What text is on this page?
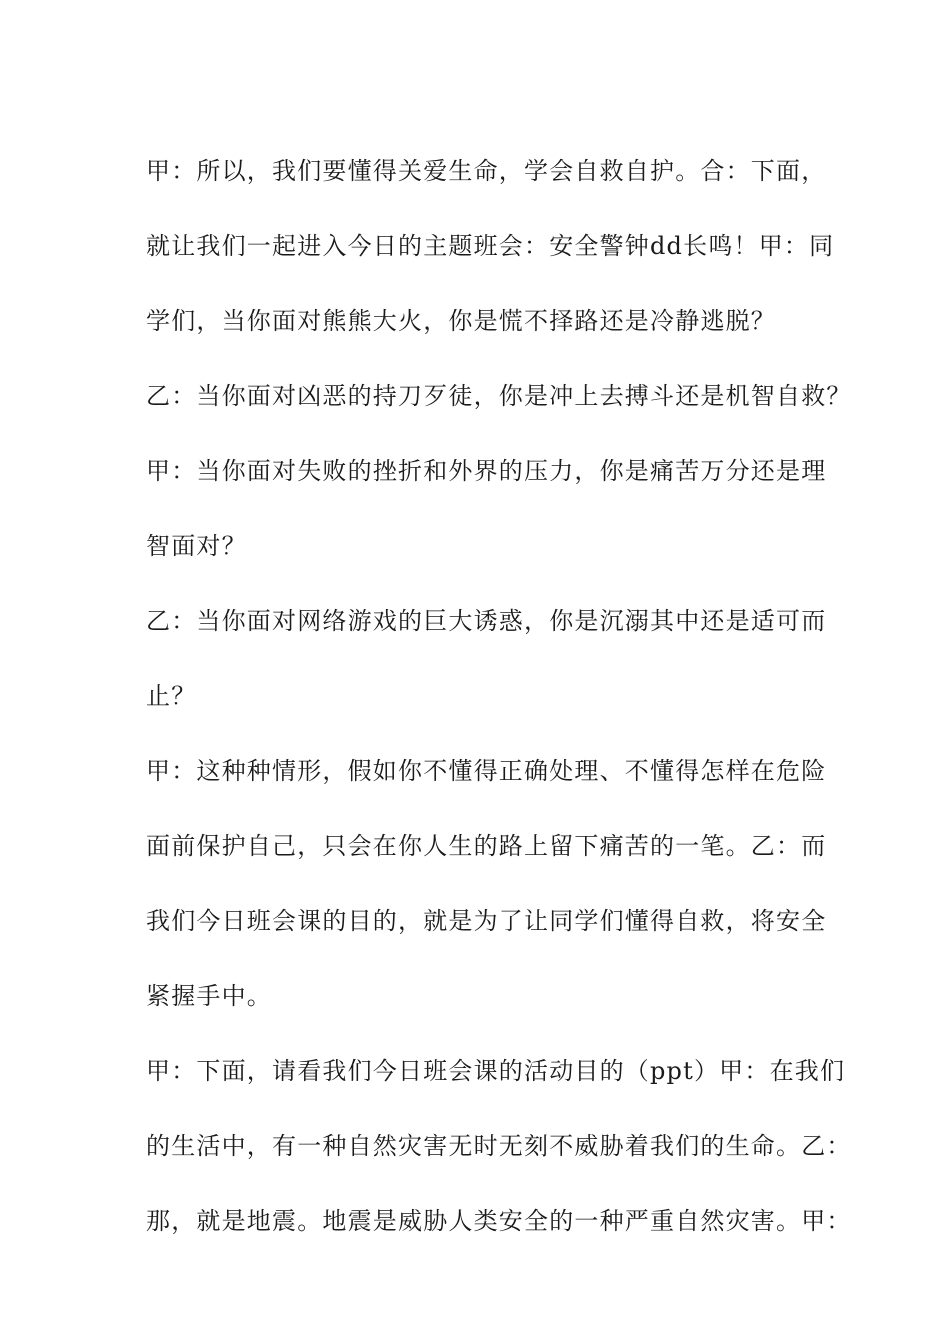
甲：所以，我们要懂得关爱生命，学会自救自护。合：下面，
就让我们一起进入今日的主题班会：安全警钟dd长鸣！甲：同
学们，当你面对熊熊大火，你是慌不择路还是冷静逃脱？
乙：当你面对凶恶的持刀歹徒，你是冲上去搏斗还是机智自救？
甲：当你面对失败的挫折和外界的压力，你是痛苦万分还是理
智面对？
乙：当你面对网络游戏的巨大诱惑，你是沉溺其中还是适可而
止？
甲：这种种情形，假如你不懂得正确处理、不懂得怎样在危险
面前保护自己，只会在你人生的路上留下痛苦的一笔。乙：而
我们今日班会课的目的，就是为了让同学们懂得自救，将安全
紧握手中。
甲：下面，请看我们今日班会课的活动目的（ppt）甲：在我们
的生活中，有一种自然灾害无时无刻不威胁着我们的生命。乙：
那，就是地震。地震是威胁人类安全的一种严重自然灾害。甲：
